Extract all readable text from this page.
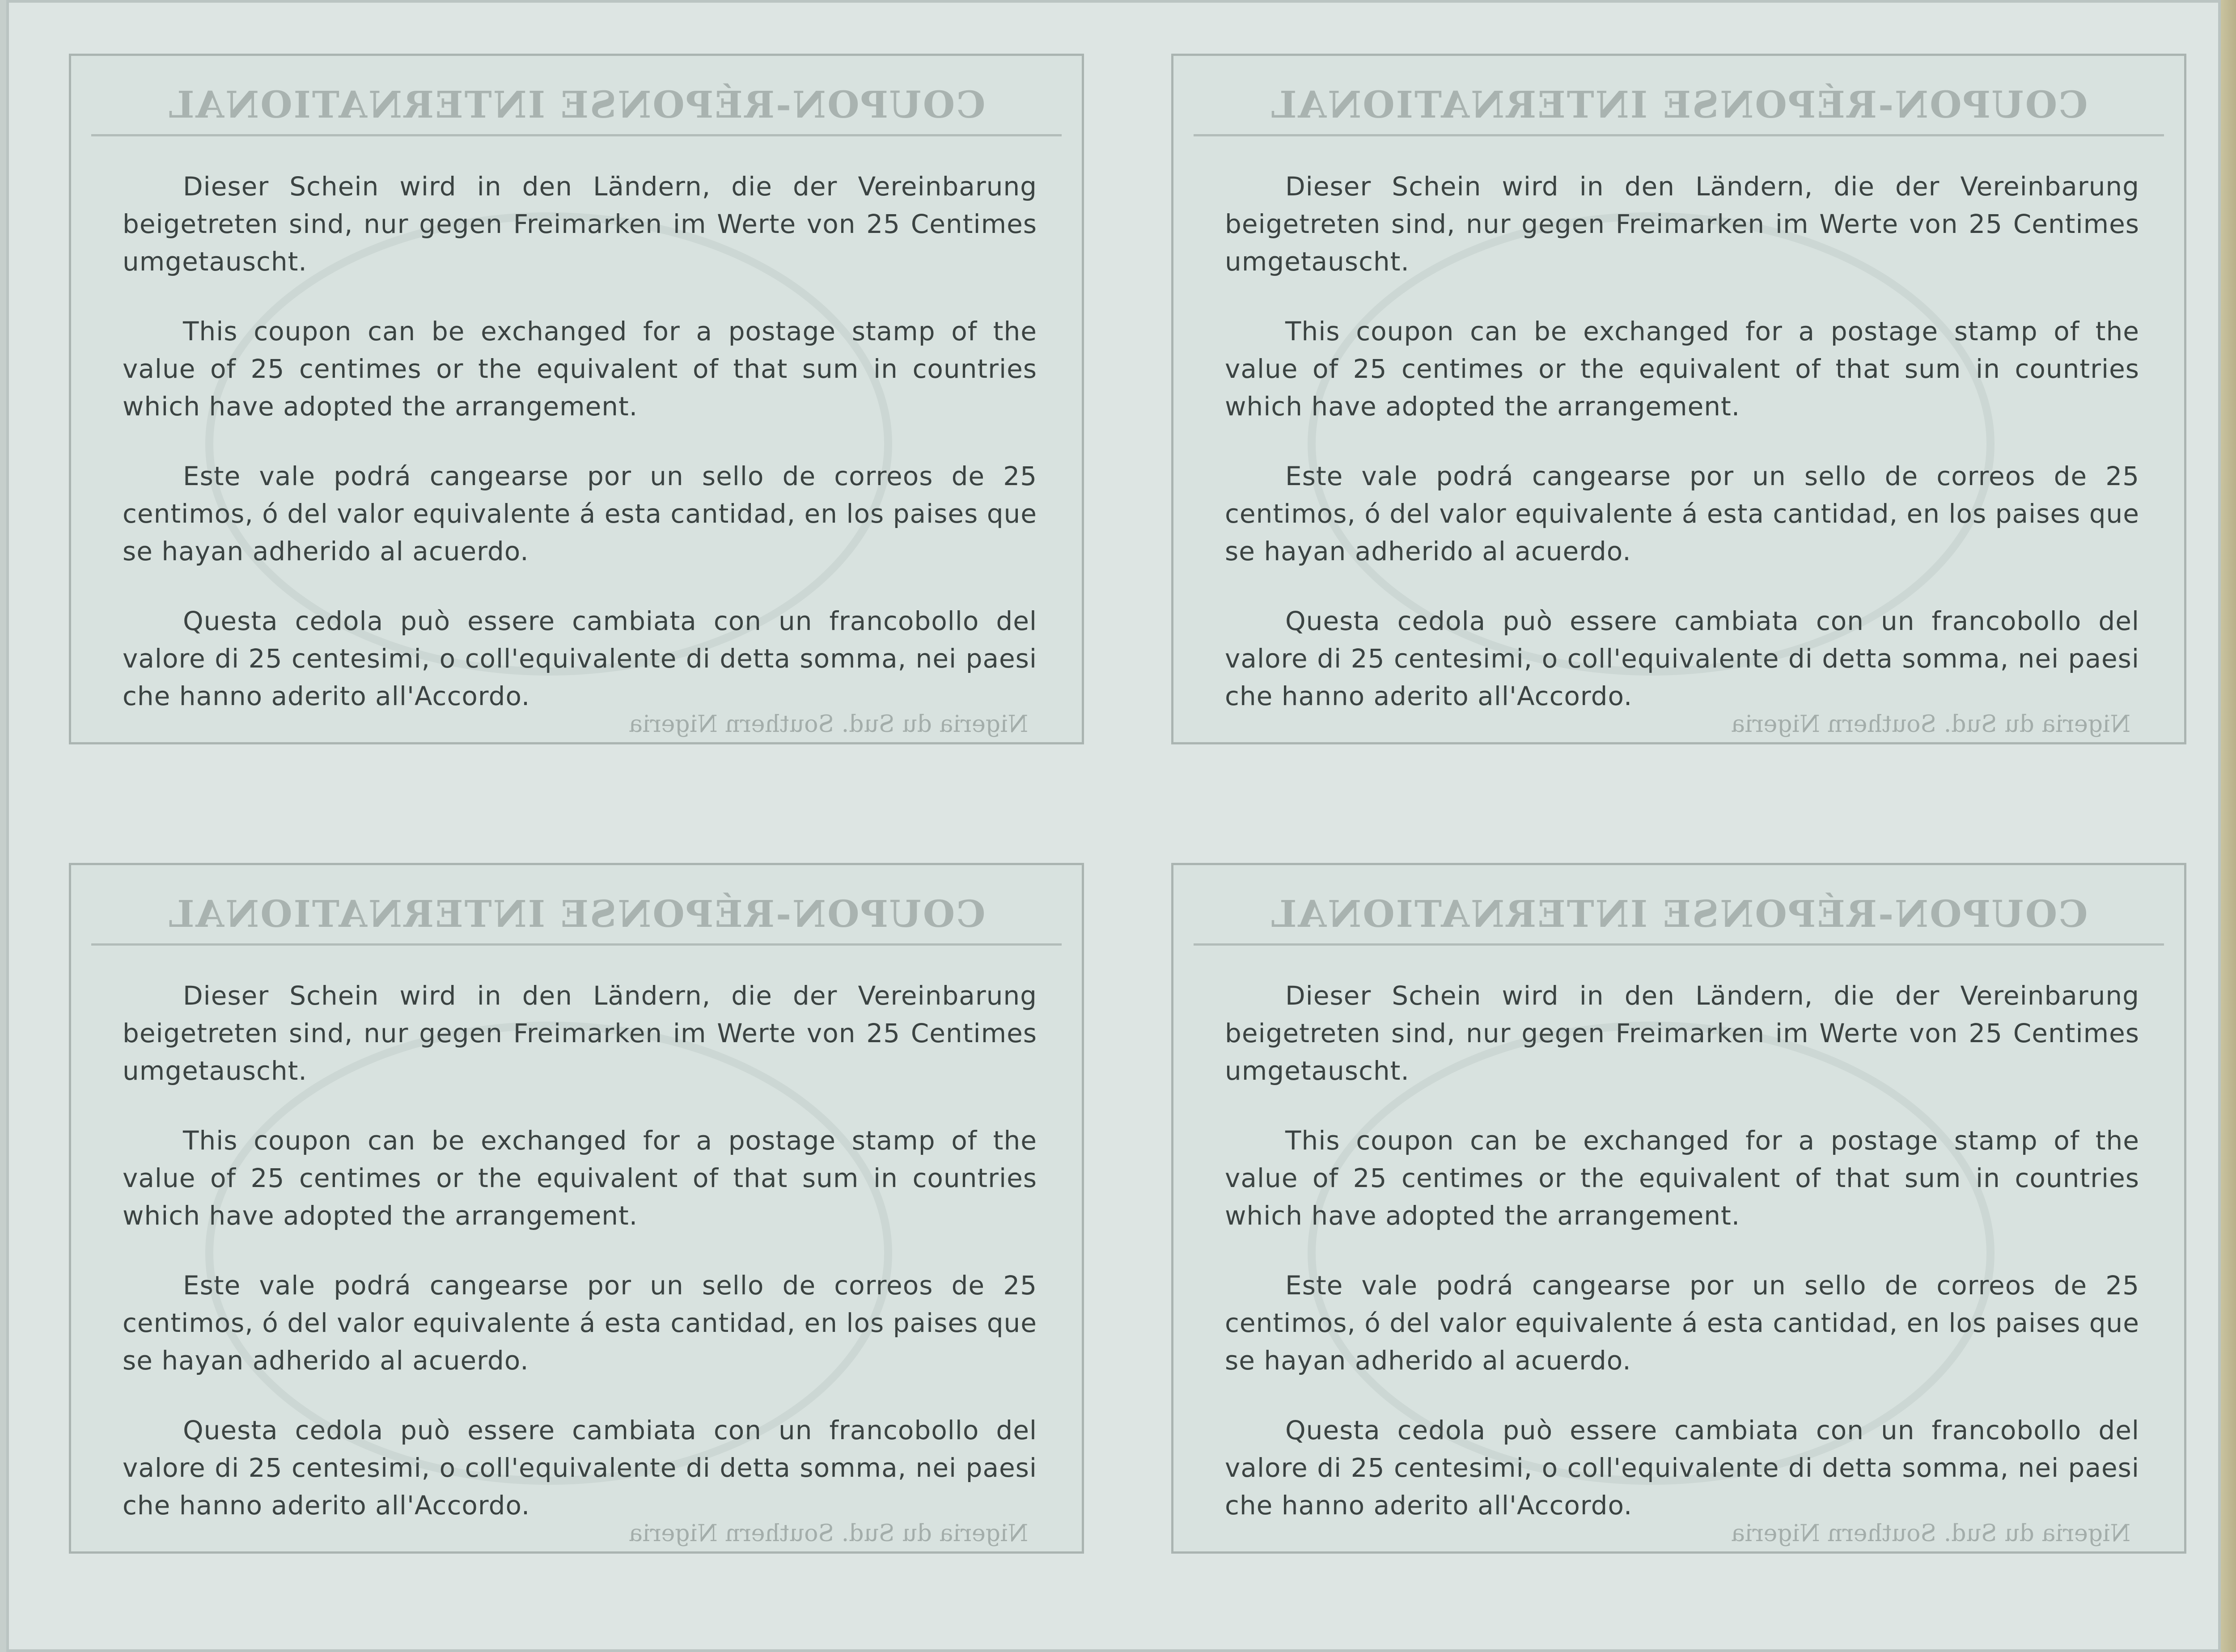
COUPON-RÉPONSE INTERNATIONAL

Dieser Schein wird in den Ländern, die der Vereinbarung beigetreten sind, nur gegen Freimarken im Werte von 25 Centimes umgetauscht.

This coupon can be exchanged for a postage stamp of the value of 25 centimes or the equivalent of that sum in countries which have adopted the arrangement.

Este vale podrá cangearse por un sello de correos de 25 centimos, ó del valor equivalente á esta cantidad, en los paises que se hayan adherido al acuerdo.

Questa cedola può essere cambiata con un francobollo del valore di 25 centesimi, o coll'equivalente di detta somma, nei paesi che hanno aderito all'Accordo.

Nigeria du Sud. Southern Nigeria
COUPON-RÉPONSE INTERNATIONAL

Dieser Schein wird in den Ländern, die der Vereinbarung beigetreten sind, nur gegen Freimarken im Werte von 25 Centimes umgetauscht.

This coupon can be exchanged for a postage stamp of the value of 25 centimes or the equivalent of that sum in countries which have adopted the arrangement.

Este vale podrá cangearse por un sello de correos de 25 centimos, ó del valor equivalente á esta cantidad, en los paises que se hayan adherido al acuerdo.

Questa cedola può essere cambiata con un francobollo del valore di 25 centesimi, o coll'equivalente di detta somma, nei paesi che hanno aderito all'Accordo.

Nigeria du Sud. Southern Nigeria
COUPON-RÉPONSE INTERNATIONAL

Dieser Schein wird in den Ländern, die der Vereinbarung beigetreten sind, nur gegen Freimarken im Werte von 25 Centimes umgetauscht.

This coupon can be exchanged for a postage stamp of the value of 25 centimes or the equivalent of that sum in countries which have adopted the arrangement.

Este vale podrá cangearse por un sello de correos de 25 centimos, ó del valor equivalente á esta cantidad, en los paises que se hayan adherido al acuerdo.

Questa cedola può essere cambiata con un francobollo del valore di 25 centesimi, o coll'equivalente di detta somma, nei paesi che hanno aderito all'Accordo.

Nigeria du Sud. Southern Nigeria
COUPON-RÉPONSE INTERNATIONAL

Dieser Schein wird in den Ländern, die der Vereinbarung beigetreten sind, nur gegen Freimarken im Werte von 25 Centimes umgetauscht.

This coupon can be exchanged for a postage stamp of the value of 25 centimes or the equivalent of that sum in countries which have adopted the arrangement.

Este vale podrá cangearse por un sello de correos de 25 centimos, ó del valor equivalente á esta cantidad, en los paises que se hayan adherido al acuerdo.

Questa cedola può essere cambiata con un francobollo del valore di 25 centesimi, o coll'equivalente di detta somma, nei paesi che hanno aderito all'Accordo.

Nigeria du Sud. Southern Nigeria
